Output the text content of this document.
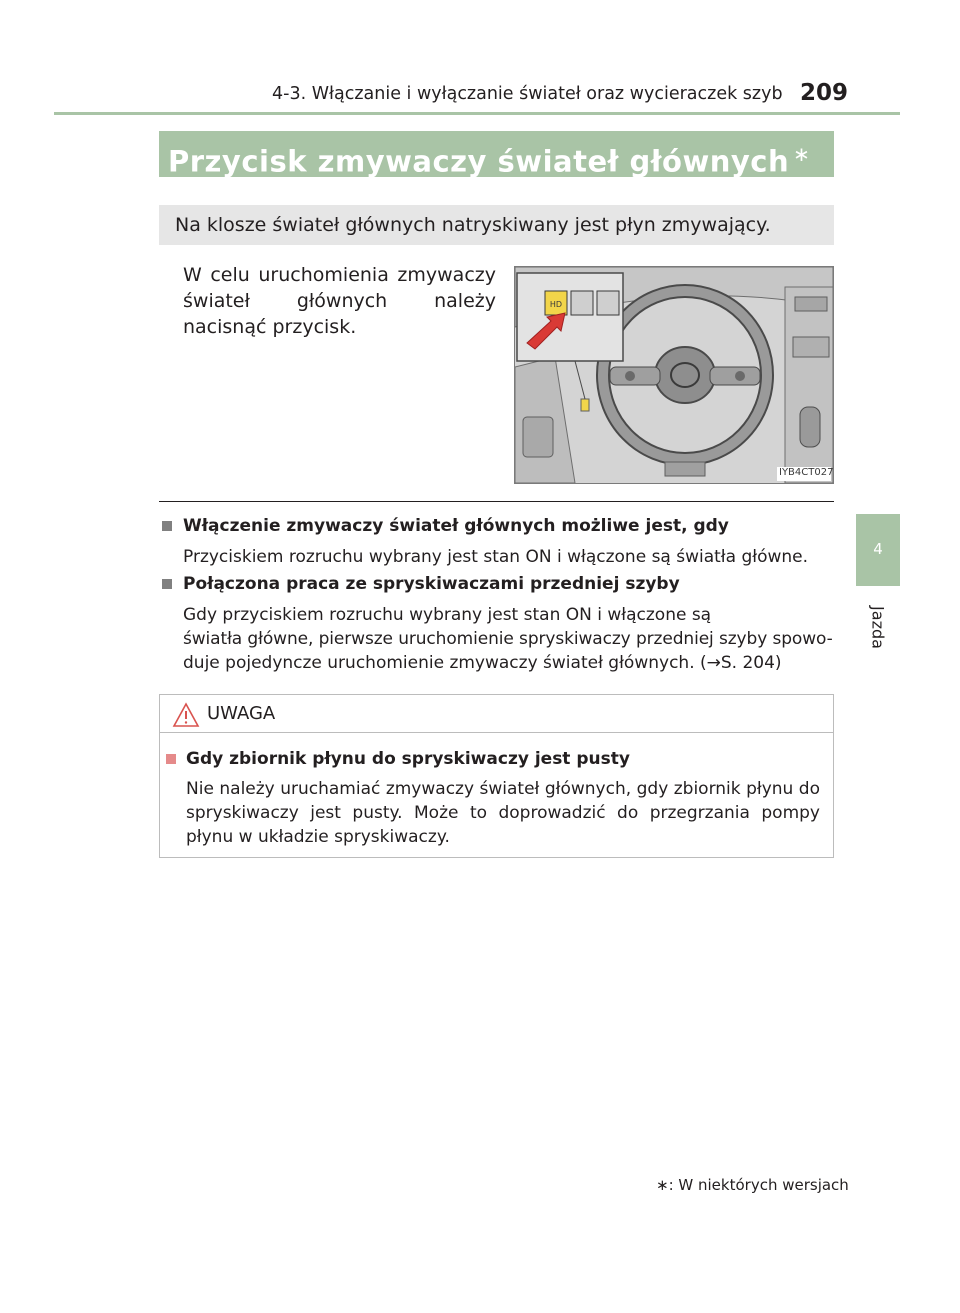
4-3. Włączanie i wyłączanie świateł oraz wycieraczek szyb 209
4
Jazda
Przycisk zmywaczy świateł głównych ∗
Na klosze świateł głównych natryskiwany jest płyn zmywający.
W celu uruchomienia zmywaczy świateł głównych należy nacisnąć przycisk.
HD
IYB4CT027
Włączenie zmywaczy świateł głównych możliwe jest, gdy
Przyciskiem rozruchu wybrany jest stan ON i włączone są światła główne.
Połączona praca ze spryskiwaczami przedniej szyby
Gdy przyciskiem rozruchu wybrany jest stan ON i włączone są
światła główne, pierwsze uruchomienie spryskiwaczy przedniej szyby spowo-
duje pojedyncze uruchomienie zmywaczy świateł głównych. (→S. 204)
UWAGA
Gdy zbiornik płynu do spryskiwaczy jest pusty
Nie należy uruchamiać zmywaczy świateł głównych, gdy zbiornik płynu do spryskiwaczy jest pusty. Może to doprowadzić do przegrzania pompy płynu w układzie spryskiwaczy.
∗: W niektórych wersjach
